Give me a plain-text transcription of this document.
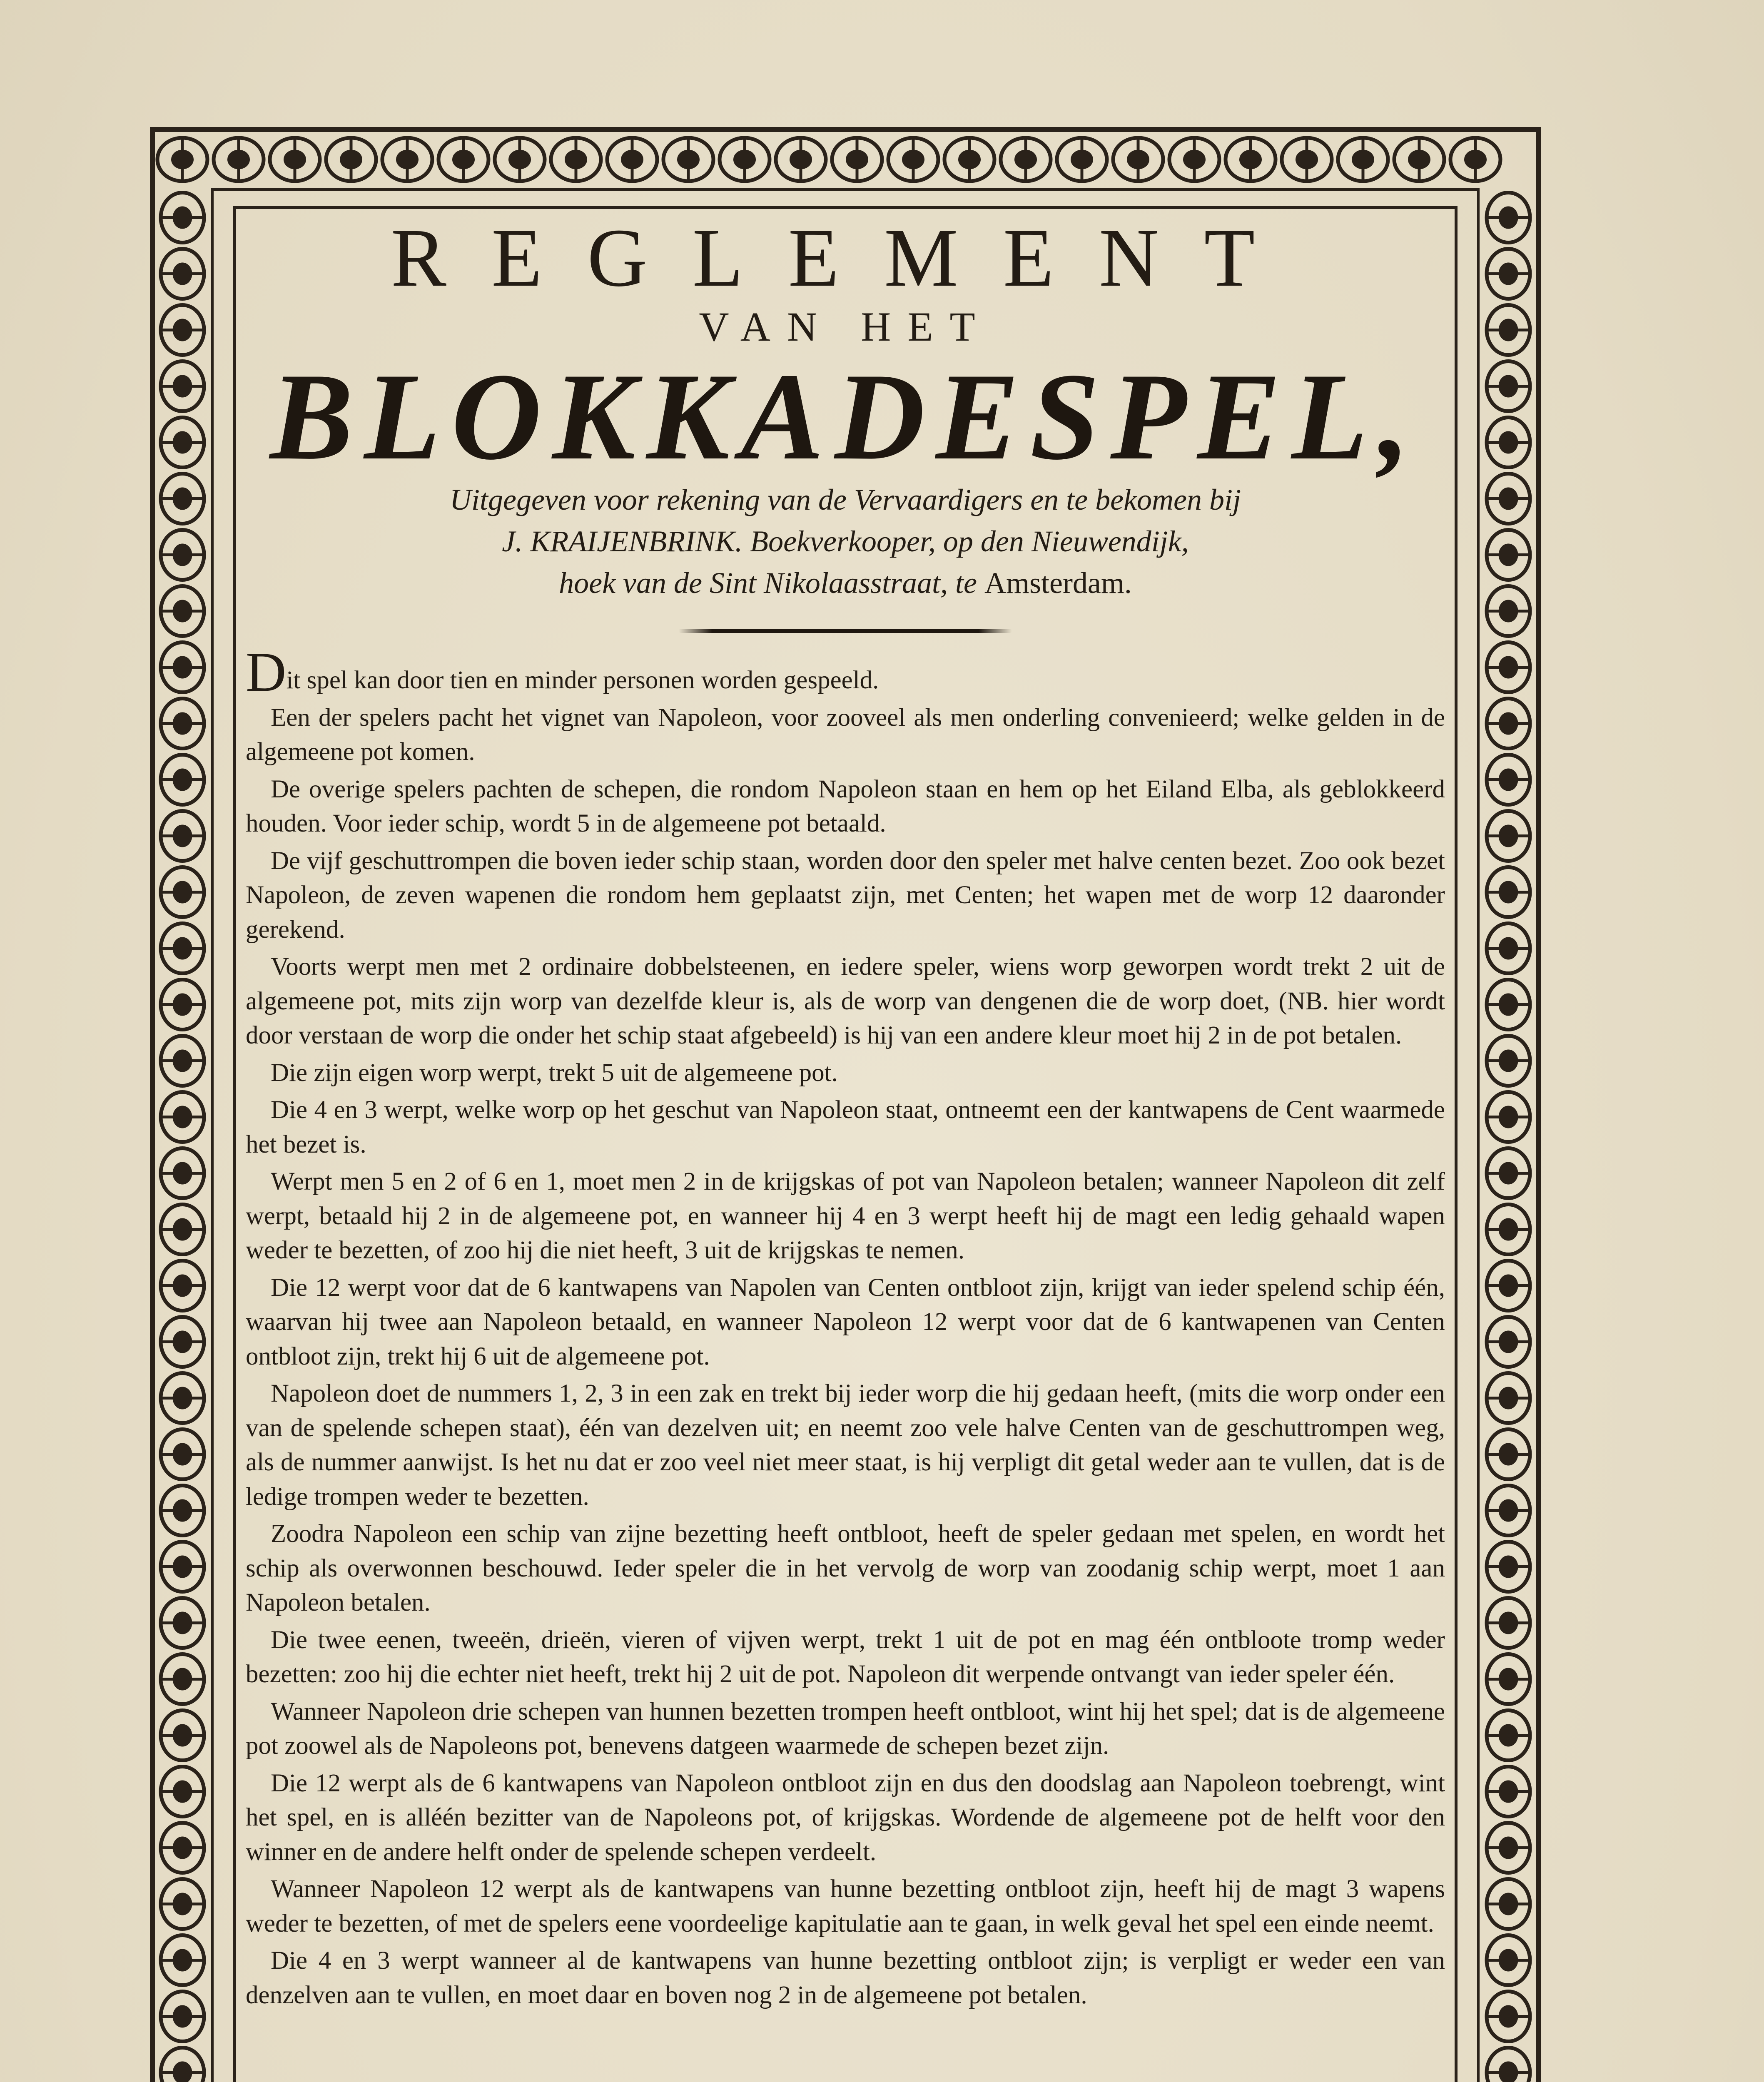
REGLEMENT
VAN HET
BLOKKADESPEL,
Uitgegeven voor rekening van de Vervaardigers en te bekomen bij
J. KRAIJENBRINK. Boekverkooper, op den Nieuwendijk,
hoek van de Sint Nikolaasstraat, te Amsterdam.

Dit spel kan door tien en minder personen worden gespeeld.

Een der spelers pacht het vignet van Napoleon, voor zooveel als men onderling convenieerd; welke gelden in de algemeene pot komen.

De overige spelers pachten de schepen, die rondom Napoleon staan en hem op het Eiland Elba, als geblokkeerd houden. Voor ieder schip, wordt 5 in de algemeene pot betaald.

De vijf geschuttrompen die boven ieder schip staan, worden door den speler met halve centen bezet. Zoo ook bezet Napoleon, de zeven wapenen die rondom hem geplaatst zijn, met Centen; het wapen met de worp 12 daaronder gerekend.

Voorts werpt men met 2 ordinaire dobbelsteenen, en iedere speler, wiens worp geworpen wordt trekt 2 uit de algemeene pot, mits zijn worp van dezelfde kleur is, als de worp van dengenen die de worp doet, (NB. hier wordt door verstaan de worp die onder het schip staat afgebeeld) is hij van een andere kleur moet hij 2 in de pot betalen.

Die zijn eigen worp werpt, trekt 5 uit de algemeene pot.

Die 4 en 3 werpt, welke worp op het geschut van Napoleon staat, ontneemt een der kantwapens de Cent waarmede het bezet is.

Werpt men 5 en 2 of 6 en 1, moet men 2 in de krijgskas of pot van Napoleon betalen; wanneer Napoleon dit zelf werpt, betaald hij 2 in de algemeene pot, en wanneer hij 4 en 3 werpt heeft hij de magt een ledig gehaald wapen weder te bezetten, of zoo hij die niet heeft, 3 uit de krijgskas te nemen.

Die 12 werpt voor dat de 6 kantwapens van Napolen van Centen ontbloot zijn, krijgt van ieder spelend schip één, waarvan hij twee aan Napoleon betaald, en wanneer Napoleon 12 werpt voor dat de 6 kantwapenen van Centen ontbloot zijn, trekt hij 6 uit de algemeene pot.

Napoleon doet de nummers 1, 2, 3 in een zak en trekt bij ieder worp die hij gedaan heeft, (mits die worp onder een van de spelende schepen staat), één van dezelven uit; en neemt zoo vele halve Centen van de geschuttrompen weg, als de nummer aanwijst. Is het nu dat er zoo veel niet meer staat, is hij verpligt dit getal weder aan te vullen, dat is de ledige trompen weder te bezetten.

Zoodra Napoleon een schip van zijne bezetting heeft ontbloot, heeft de speler gedaan met spelen, en wordt het schip als overwonnen beschouwd. Ieder speler die in het vervolg de worp van zoodanig schip werpt, moet 1 aan Napoleon betalen.

Die twee eenen, tweeën, drieën, vieren of vijven werpt, trekt 1 uit de pot en mag één ontbloote tromp weder bezetten: zoo hij die echter niet heeft, trekt hij 2 uit de pot. Napoleon dit werpende ontvangt van ieder speler één.

Wanneer Napoleon drie schepen van hunnen bezetten trompen heeft ontbloot, wint hij het spel; dat is de algemeene pot zoowel als de Napoleons pot, benevens datgeen waarmede de schepen bezet zijn.

Die 12 werpt als de 6 kantwapens van Napoleon ontbloot zijn en dus den doodslag aan Napoleon toebrengt, wint het spel, en is alléén bezitter van de Napoleons pot, of krijgskas. Wordende de algemeene pot de helft voor den winner en de andere helft onder de spelende schepen verdeelt.

Wanneer Napoleon 12 werpt als de kantwapens van hunne bezetting ontbloot zijn, heeft hij de magt 3 wapens weder te bezetten, of met de spelers eene voordeelige kapitulatie aan te gaan, in welk geval het spel een einde neemt.

Die 4 en 3 werpt wanneer al de kantwapens van hunne bezetting ontbloot zijn; is verpligt er weder een van denzelven aan te vullen, en moet daar en boven nog 2 in de algemeene pot betalen.
